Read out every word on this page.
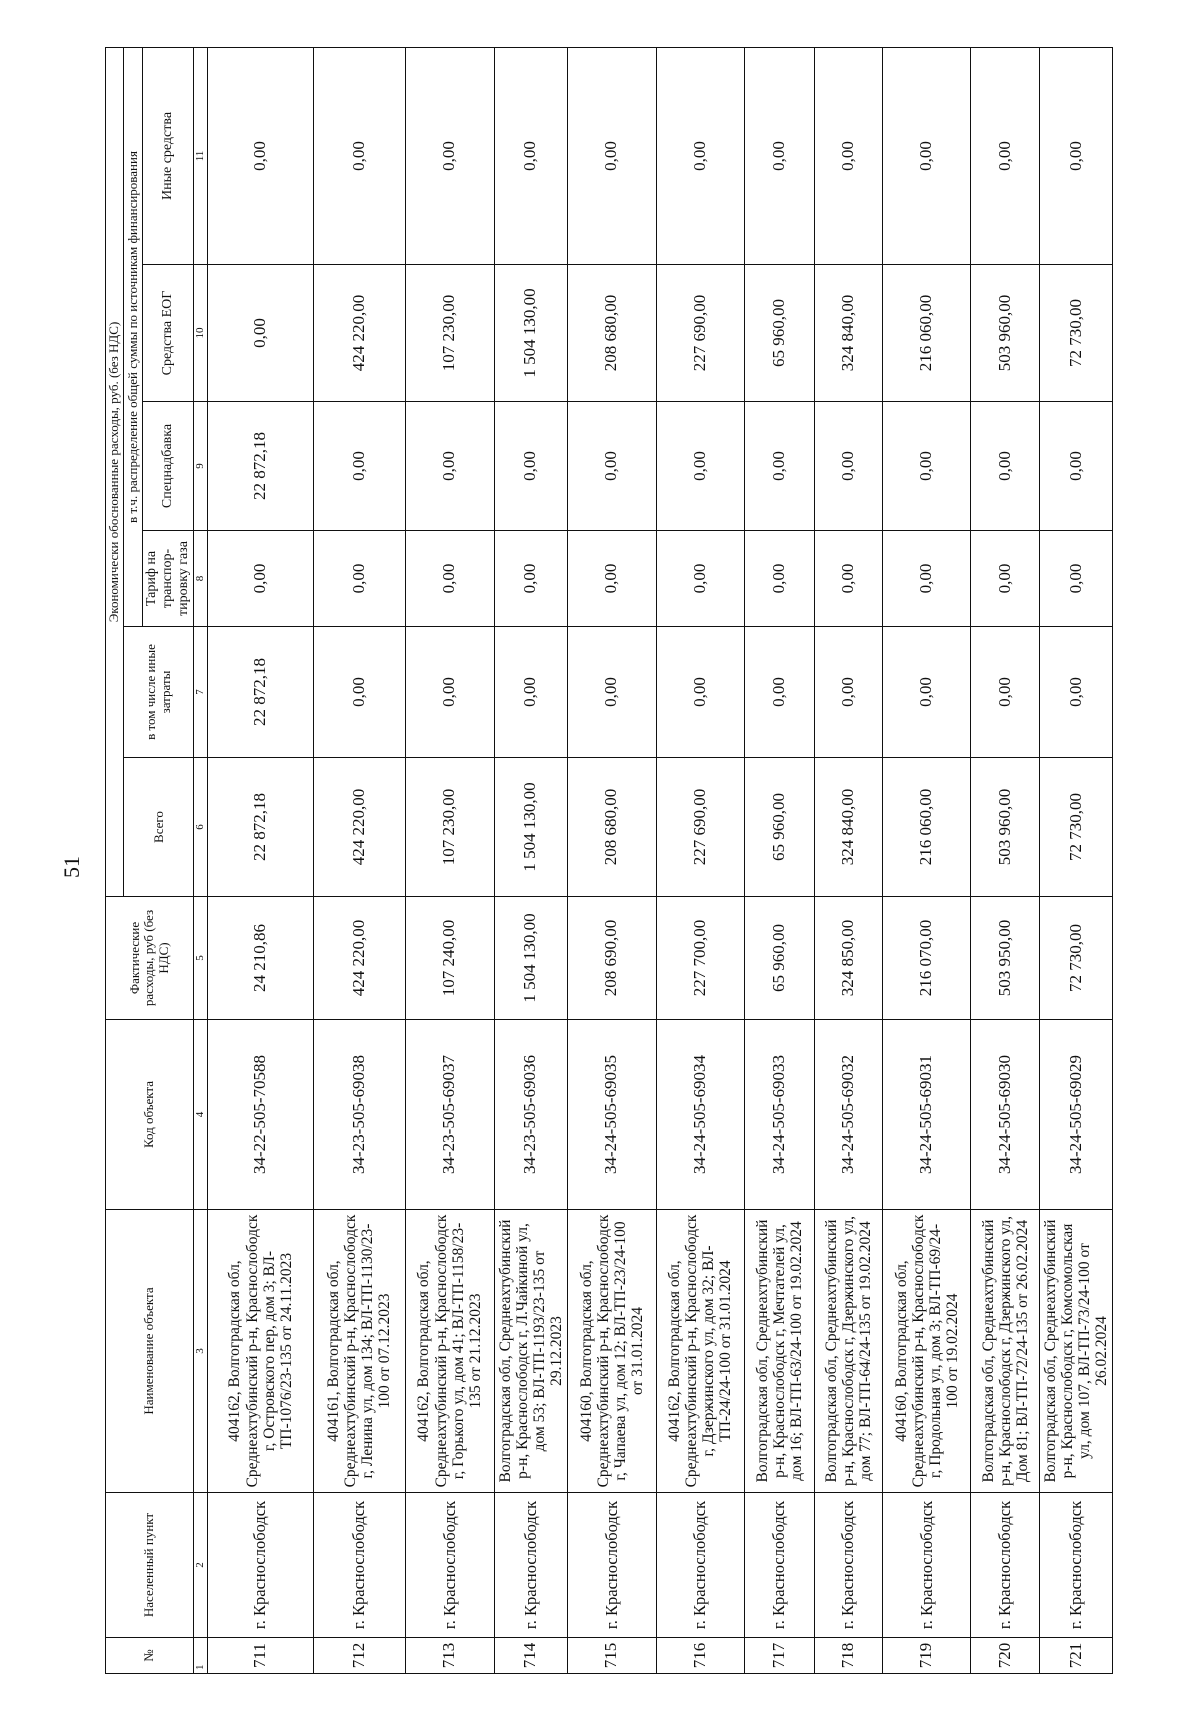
51
№	Населенный пункт	Наименование объекта	Код объекта	Фактические расходы, руб (без НДС)	Экономически обоснованные расходы, руб. (без НДС)					
					Всего	в том числе иные затраты	в т.ч. распределение общей суммы по источникам финансирования			
							Тариф на транспор-тировку газа	Спецнадбавка	Средства ЕОГ	Иные средства
1	2	3	4	5	6	7	8	9	10	11
711	г. Краснослободск	404162, Волгоградская обл, Среднеахтубинский р-н, Краснослободск г, Островского пер, дом 3; ВЛ-ТП-1076/23-135 от 24.11.2023	34-22-505-70588	24 210,86	22 872,18	22 872,18	0,00	22 872,18	0,00	0,00
712	г. Краснослободск	404161, Волгоградская обл, Среднеахтубинский р-н, Краснослободск г, Ленина ул, дом 134; ВЛ-ТП-1130/23-100 от 07.12.2023	34-23-505-69038	424 220,00	424 220,00	0,00	0,00	0,00	424 220,00	0,00
713	г. Краснослободск	404162, Волгоградская обл, Среднеахтубинский р-н, Краснослободск г, Горького ул, дом 41; ВЛ-ТП-1158/23-135 от 21.12.2023	34-23-505-69037	107 240,00	107 230,00	0,00	0,00	0,00	107 230,00	0,00
714	г. Краснослободск	Волгоградская обл, Среднеахтубинский р-н, Краснослободск г, Л.Чайкиной ул, дом 53; ВЛ-ТП-1193/23-135 от 29.12.2023	34-23-505-69036	1 504 130,00	1 504 130,00	0,00	0,00	0,00	1 504 130,00	0,00
715	г. Краснослободск	404160, Волгоградская обл, Среднеахтубинский р-н, Краснослободск г, Чапаева ул, дом 12; ВЛ-ТП-23/24-100 от 31.01.2024	34-24-505-69035	208 690,00	208 680,00	0,00	0,00	0,00	208 680,00	0,00
716	г. Краснослободск	404162, Волгоградская обл, Среднеахтубинский р-н, Краснослободск г, Дзержинского ул, дом 32; ВЛ-ТП-24/24-100 от 31.01.2024	34-24-505-69034	227 700,00	227 690,00	0,00	0,00	0,00	227 690,00	0,00
717	г. Краснослободск	Волгоградская обл, Среднеахтубинский р-н, Краснослободск г, Мечтателей ул, дом 16; ВЛ-ТП-63/24-100 от 19.02.2024	34-24-505-69033	65 960,00	65 960,00	0,00	0,00	0,00	65 960,00	0,00
718	г. Краснослободск	Волгоградская обл, Среднеахтубинский р-н, Краснослободск г, Дзержинского ул, дом 77; ВЛ-ТП-64/24-135 от 19.02.2024	34-24-505-69032	324 850,00	324 840,00	0,00	0,00	0,00	324 840,00	0,00
719	г. Краснослободск	404160, Волгоградская обл, Среднеахтубинский р-н, Краснослободск г, Продольная ул, дом 3; ВЛ-ТП-69/24-100 от 19.02.2024	34-24-505-69031	216 070,00	216 060,00	0,00	0,00	0,00	216 060,00	0,00
720	г. Краснослободск	Волгоградская обл, Среднеахтубинский р-н, Краснослободск г, Дзержинского ул, Дом 81; ВЛ-ТП-72/24-135 от 26.02.2024	34-24-505-69030	503 950,00	503 960,00	0,00	0,00	0,00	503 960,00	0,00
721	г. Краснослободск	Волгоградская обл, Среднеахтубинский р-н, Краснослободск г, Комсомольская ул, дом 107, ВЛ-ТП-73/24-100 от 26.02.2024	34-24-505-69029	72 730,00	72 730,00	0,00	0,00	0,00	72 730,00	0,00
